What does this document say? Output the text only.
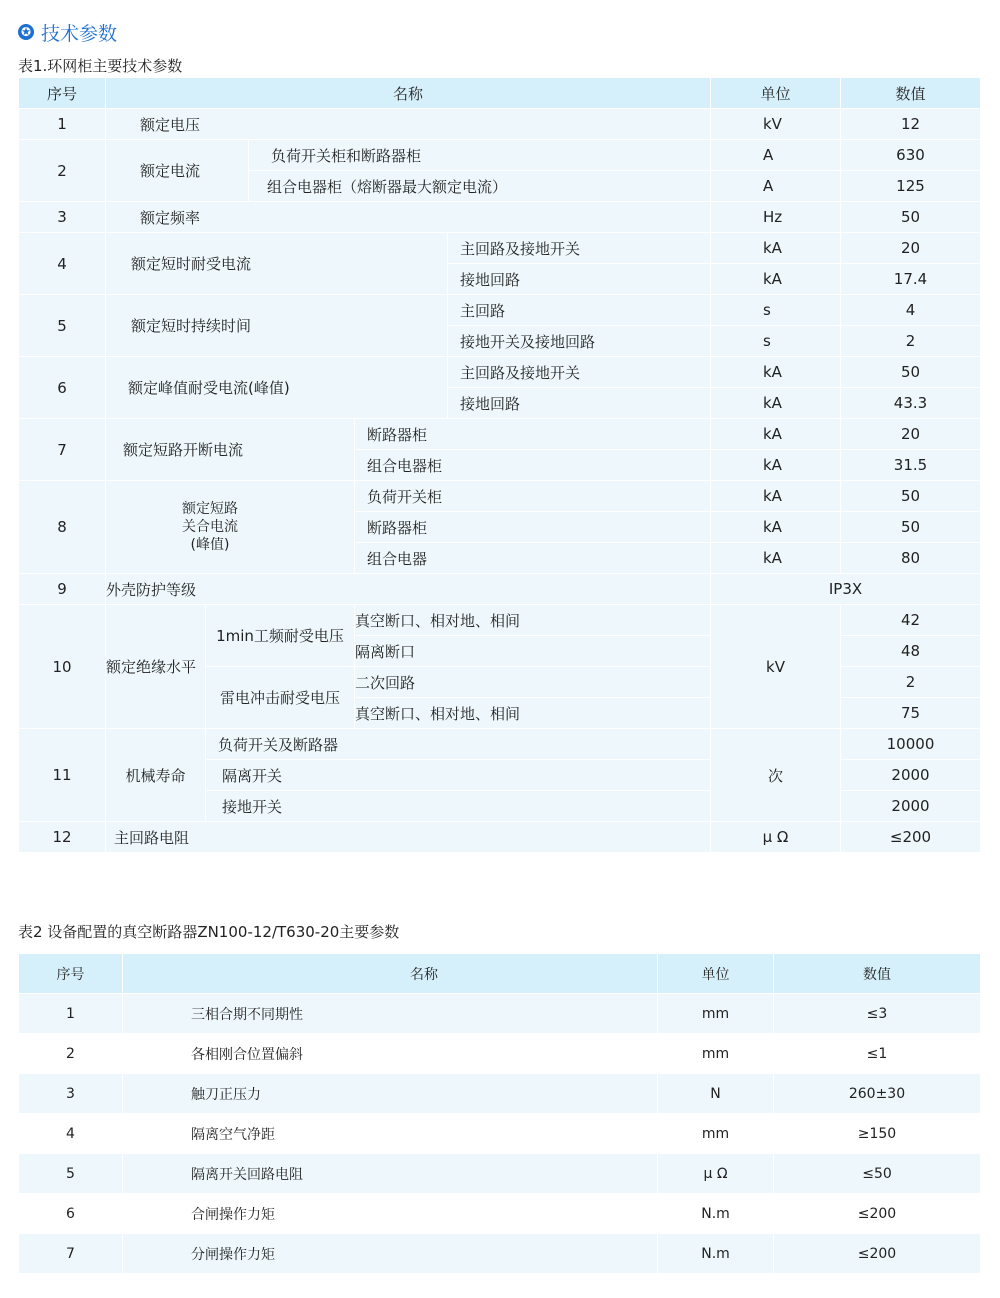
✪ 技术参数
表1.环网柜主要技术参数
序号	名称					单位	数值
1	额定电压					kV	12
2	额定电流		负荷开关柜和断路器柜			A	630
			组合电器柜（熔断器最大额定电流）			A	125
3	额定频率					Hz	50
4	额定短时耐受电流				主回路及接地开关	kA	20
					接地回路	kA	17.4
5	额定短时持续时间				主回路	s	4
					接地开关及接地回路	s	2
6	额定峰值耐受电流(峰值)				主回路及接地开关	kA	50
					接地回路	kA	43.3
7	额定短路开断电流			断路器柜		kA	20
				组合电器柜		kA	31.5
8	额定短路
关合电流
(峰值)			负荷开关柜		kA	50
				断路器柜		kA	50
				组合电器		kA	80
9	外壳防护等级					IP3X	
10	额定绝缘水平	1min工频耐受电压		真空断口、相对地、相间		kV	42
				隔离断口			48
		雷电冲击耐受电压		二次回路			2
				真空断口、相对地、相间			75
11	机械寿命	负荷开关及断路器				次	10000
		隔离开关					2000
		接地开关					2000
12	主回路电阻					μ Ω	≤200
表2 设备配置的真空断路器ZN100-12/T630-20主要参数
序号	名称	单位	数值
1	三相合期不同期性	mm	≤3
2	各相刚合位置偏斜	mm	≤1
3	触刀正压力	N	260±30
4	隔离空气净距	mm	≥150
5	隔离开关回路电阻	μ Ω	≤50
6	合闸操作力矩	N.m	≤200
7	分闸操作力矩	N.m	≤200
